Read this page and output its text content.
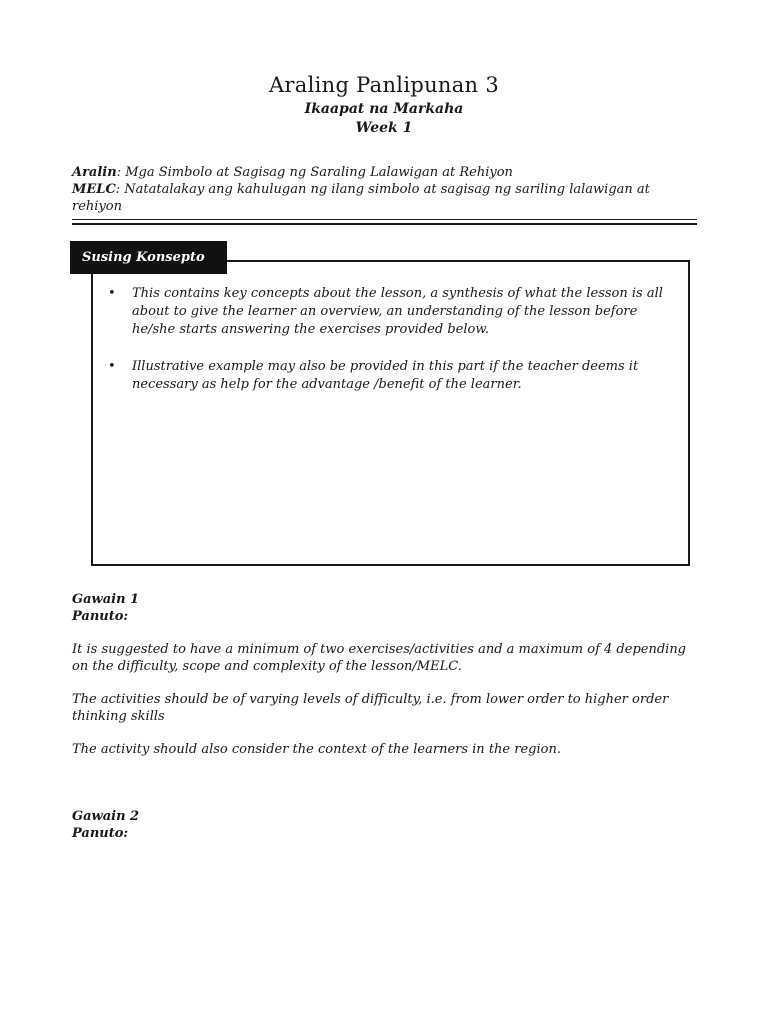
Araling Panlipunan 3
Ikaapat na Markaha
Week 1
Aralin: Mga Simbolo at Sagisag ng Saraling Lalawigan at Rehiyon
MELC: Natatalakay ang kahulugan ng ilang simbolo at sagisag ng sariling lalawigan at rehiyon
Susing Konsepto
• This contains key concepts about the lesson, a synthesis of what the lesson is all about to give the learner an overview, an understanding of the lesson before he/she starts answering the exercises provided below.
• Illustrative example may also be provided in this part if the teacher deems it necessary as help for the advantage /benefit of the learner.
Gawain 1
Panuto:
It is suggested to have a minimum of two exercises/activities and a maximum of 4 depending on the difficulty, scope and complexity of the lesson/MELC.
The activities should be of varying levels of difficulty, i.e. from lower order to higher order thinking skills
The activity should also consider the context of the learners in the region.
Gawain 2
Panuto:
